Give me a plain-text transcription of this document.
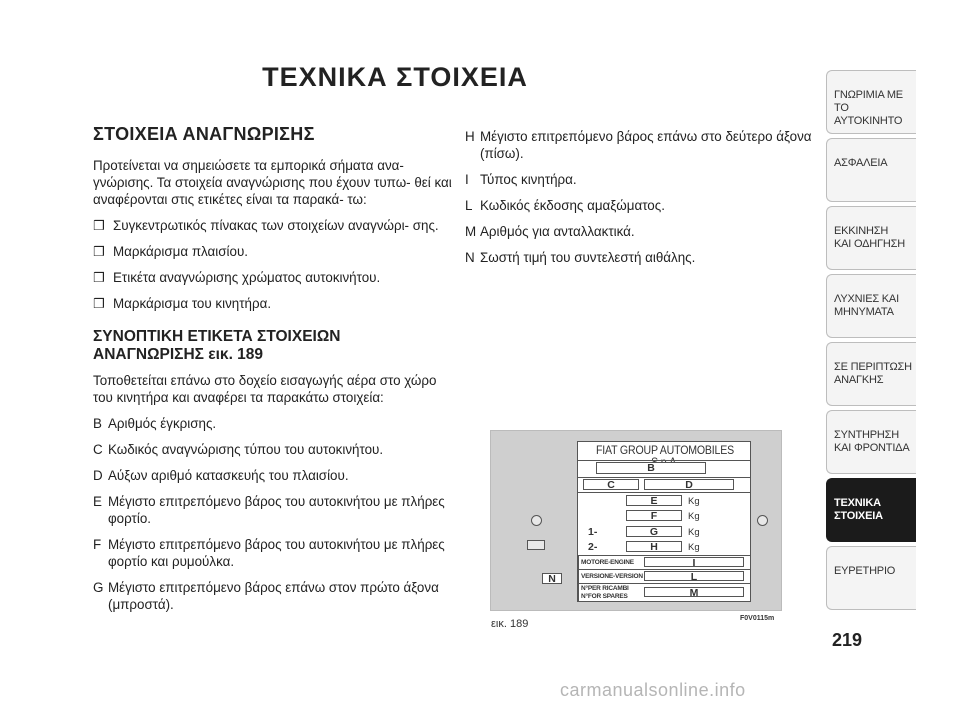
ΤΕΧΝΙΚΑ ΣΤΟΙΧΕΙΑ
ΣΤΟΙΧΕΙΑ ΑΝΑΓΝΩΡΙΣΗΣ
Προτείνεται να σημειώσετε τα εμπορικά σήματα ανα- γνώρισης. Τα στοιχεία αναγνώρισης που έχουν τυπω- θεί και αναφέρονται στις ετικέτες είναι τα παρακά- τω:
❒ Συγκεντρωτικός πίνακας των στοιχείων αναγνώρι- σης.
❒ Μαρκάρισμα πλαισίου.
❒ Ετικέτα αναγνώρισης χρώματος αυτοκινήτου.
❒ Μαρκάρισμα του κινητήρα.
ΣΥΝΟΠΤΙΚΗ ΕΤΙΚΕΤΑ ΣΤΟΙΧΕΙΩΝ
ΑΝΑΓΝΩΡΙΣΗΣ εικ. 189
Τοποθετείται επάνω στο δοχείο εισαγωγής αέρα στο χώρο του κινητήρα και αναφέρει τα παρακάτω στοιχεία:
B Αριθμός έγκρισης.
C Κωδικός αναγνώρισης τύπου του αυτοκινήτου.
D Αύξων αριθμό κατασκευής του πλαισίου.
E Μέγιστο επιτρεπόμενο βάρος του αυτοκινήτου με πλήρες φορτίο.
F Μέγιστο επιτρεπόμενο βάρος του αυτοκινήτου με πλήρες φορτίο και ρυμούλκα.
G Μέγιστο επιτρεπόμενο βάρος επάνω στον πρώτο άξονα (μπροστά).
H Μέγιστο επιτρεπόμενο βάρος επάνω στο δεύτερο άξονα (πίσω).
I Τύπος κινητήρα.
L Κωδικός έκδοσης αμαξώματος.
M Αριθμός για ανταλλακτικά.
N Σωστή τιμή του συντελεστή αιθάλης.
FIAT GROUP AUTOMOBILES
B
C	D
E	Kg
F	Kg
1-	G	Kg
2-	H	Kg
N
MOTORE-ENGINE	I
VERSIONE-VERSION	L
N°PER RICAMBI
N°FOR SPARES	M
εικ. 189	F0V0115m
ΓΝΩΡΙΜΙΑ ΜΕ
ΤΟ ΑΥΤΟΚΙΝΗΤΟ
ΑΣΦΑΛΕΙΑ
ΕΚΚΙΝΗΣΗ
ΚΑΙ ΟΔΗΓΗΣΗ
ΛΥΧΝΙΕΣ ΚΑΙ
ΜΗΝΥΜΑΤΑ
ΣΕ ΠΕΡΙΠΤΩΣΗ
ΑΝΑΓΚΗΣ
ΣΥΝΤΗΡΗΣΗ
ΚΑΙ ΦΡΟΝΤΙΔΑ
ΤΕΧΝΙΚΑ
ΣΤΟΙΧΕΙΑ
ΕΥΡΕΤΗΡΙΟ
219
carmanualsonline.info
